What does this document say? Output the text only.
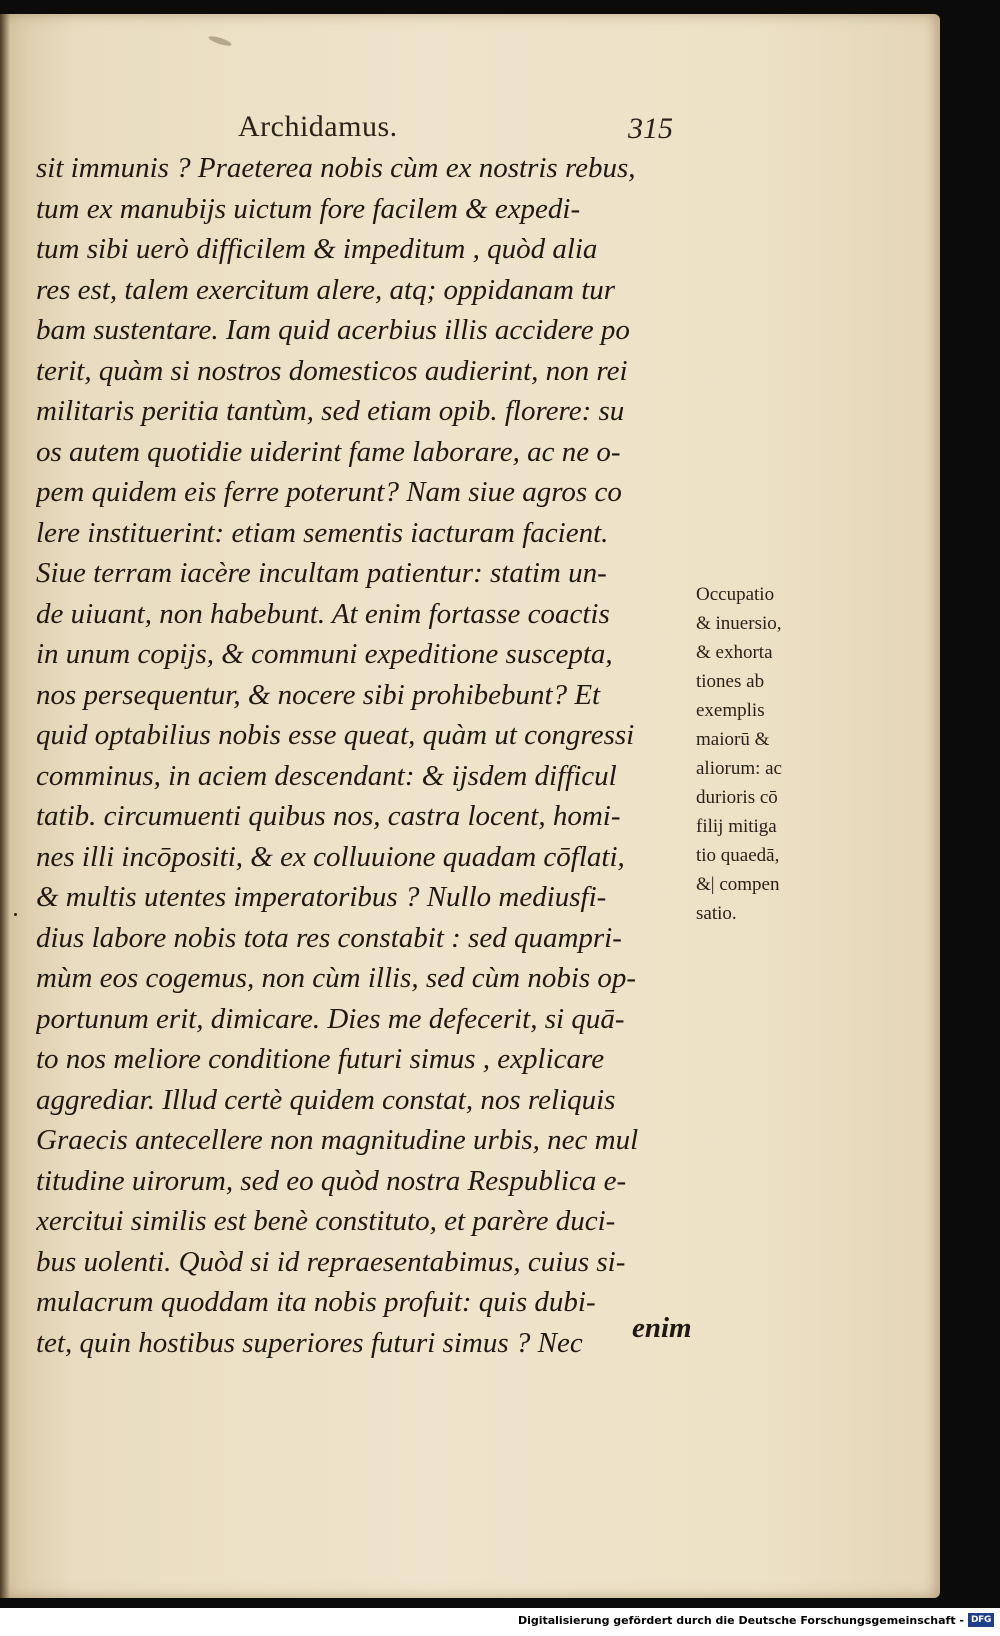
Archidamus.	315
sit immunis ? Praeterea nobis cùm ex nostris rebus,
tum ex manubijs uictum fore facilem & expedi-
tum sibi uerò difficilem & impeditum , quòd alia
res est, talem exercitum alere, atq; oppidanam tur
bam sustentare. Iam quid acerbius illis accidere po
terit, quàm si nostros domesticos audierint, non rei
militaris peritia tantùm, sed etiam opib. florere: su
os autem quotidie uiderint fame laborare, ac ne o-
pem quidem eis ferre poterunt? Nam siue agros co
lere instituerint: etiam sementis iacturam facient.
Siue terram iacère incultam patientur: statim un-
de uiuant, non habebunt. At enim fortasse coactis
in unum copijs, & communi expeditione suscepta,
nos persequentur, & nocere sibi prohibebunt? Et
quid optabilius nobis esse queat, quàm ut congressi
comminus, in aciem descendant: & ijsdem difficul
tatib. circumuenti quibus nos, castra locent, homi-
nes illi incōpositi, & ex colluuione quadam cōflati,
& multis utentes imperatoribus ? Nullo mediusfi-
dius labore nobis tota res constabit : sed quampri-
mùm eos cogemus, non cùm illis, sed cùm nobis op-
portunum erit, dimicare. Dies me defecerit, si quā-
to nos meliore conditione futuri simus , explicare
aggrediar. Illud certè quidem constat, nos reliquis
Graecis antecellere non magnitudine urbis, nec mul
titudine uirorum, sed eo quòd nostra Respublica e-
xercitui similis est benè constituto, et parère duci-
bus uolenti. Quòd si id repraesentabimus, cuius si-
mulacrum quoddam ita nobis profuit: quis dubi-
tet, quin hostibus superiores futuri simus ? Nec
Occupatio
& inuersio,
& exhorta
tiones ab
exemplis
maiorū &
aliorum: ac
durioris cō
filij mitiga
tio quaedā,
&| compen
satio.
enim
Digitalisierung gefördert durch die Deutsche Forschungsgemeinschaft - DFG
